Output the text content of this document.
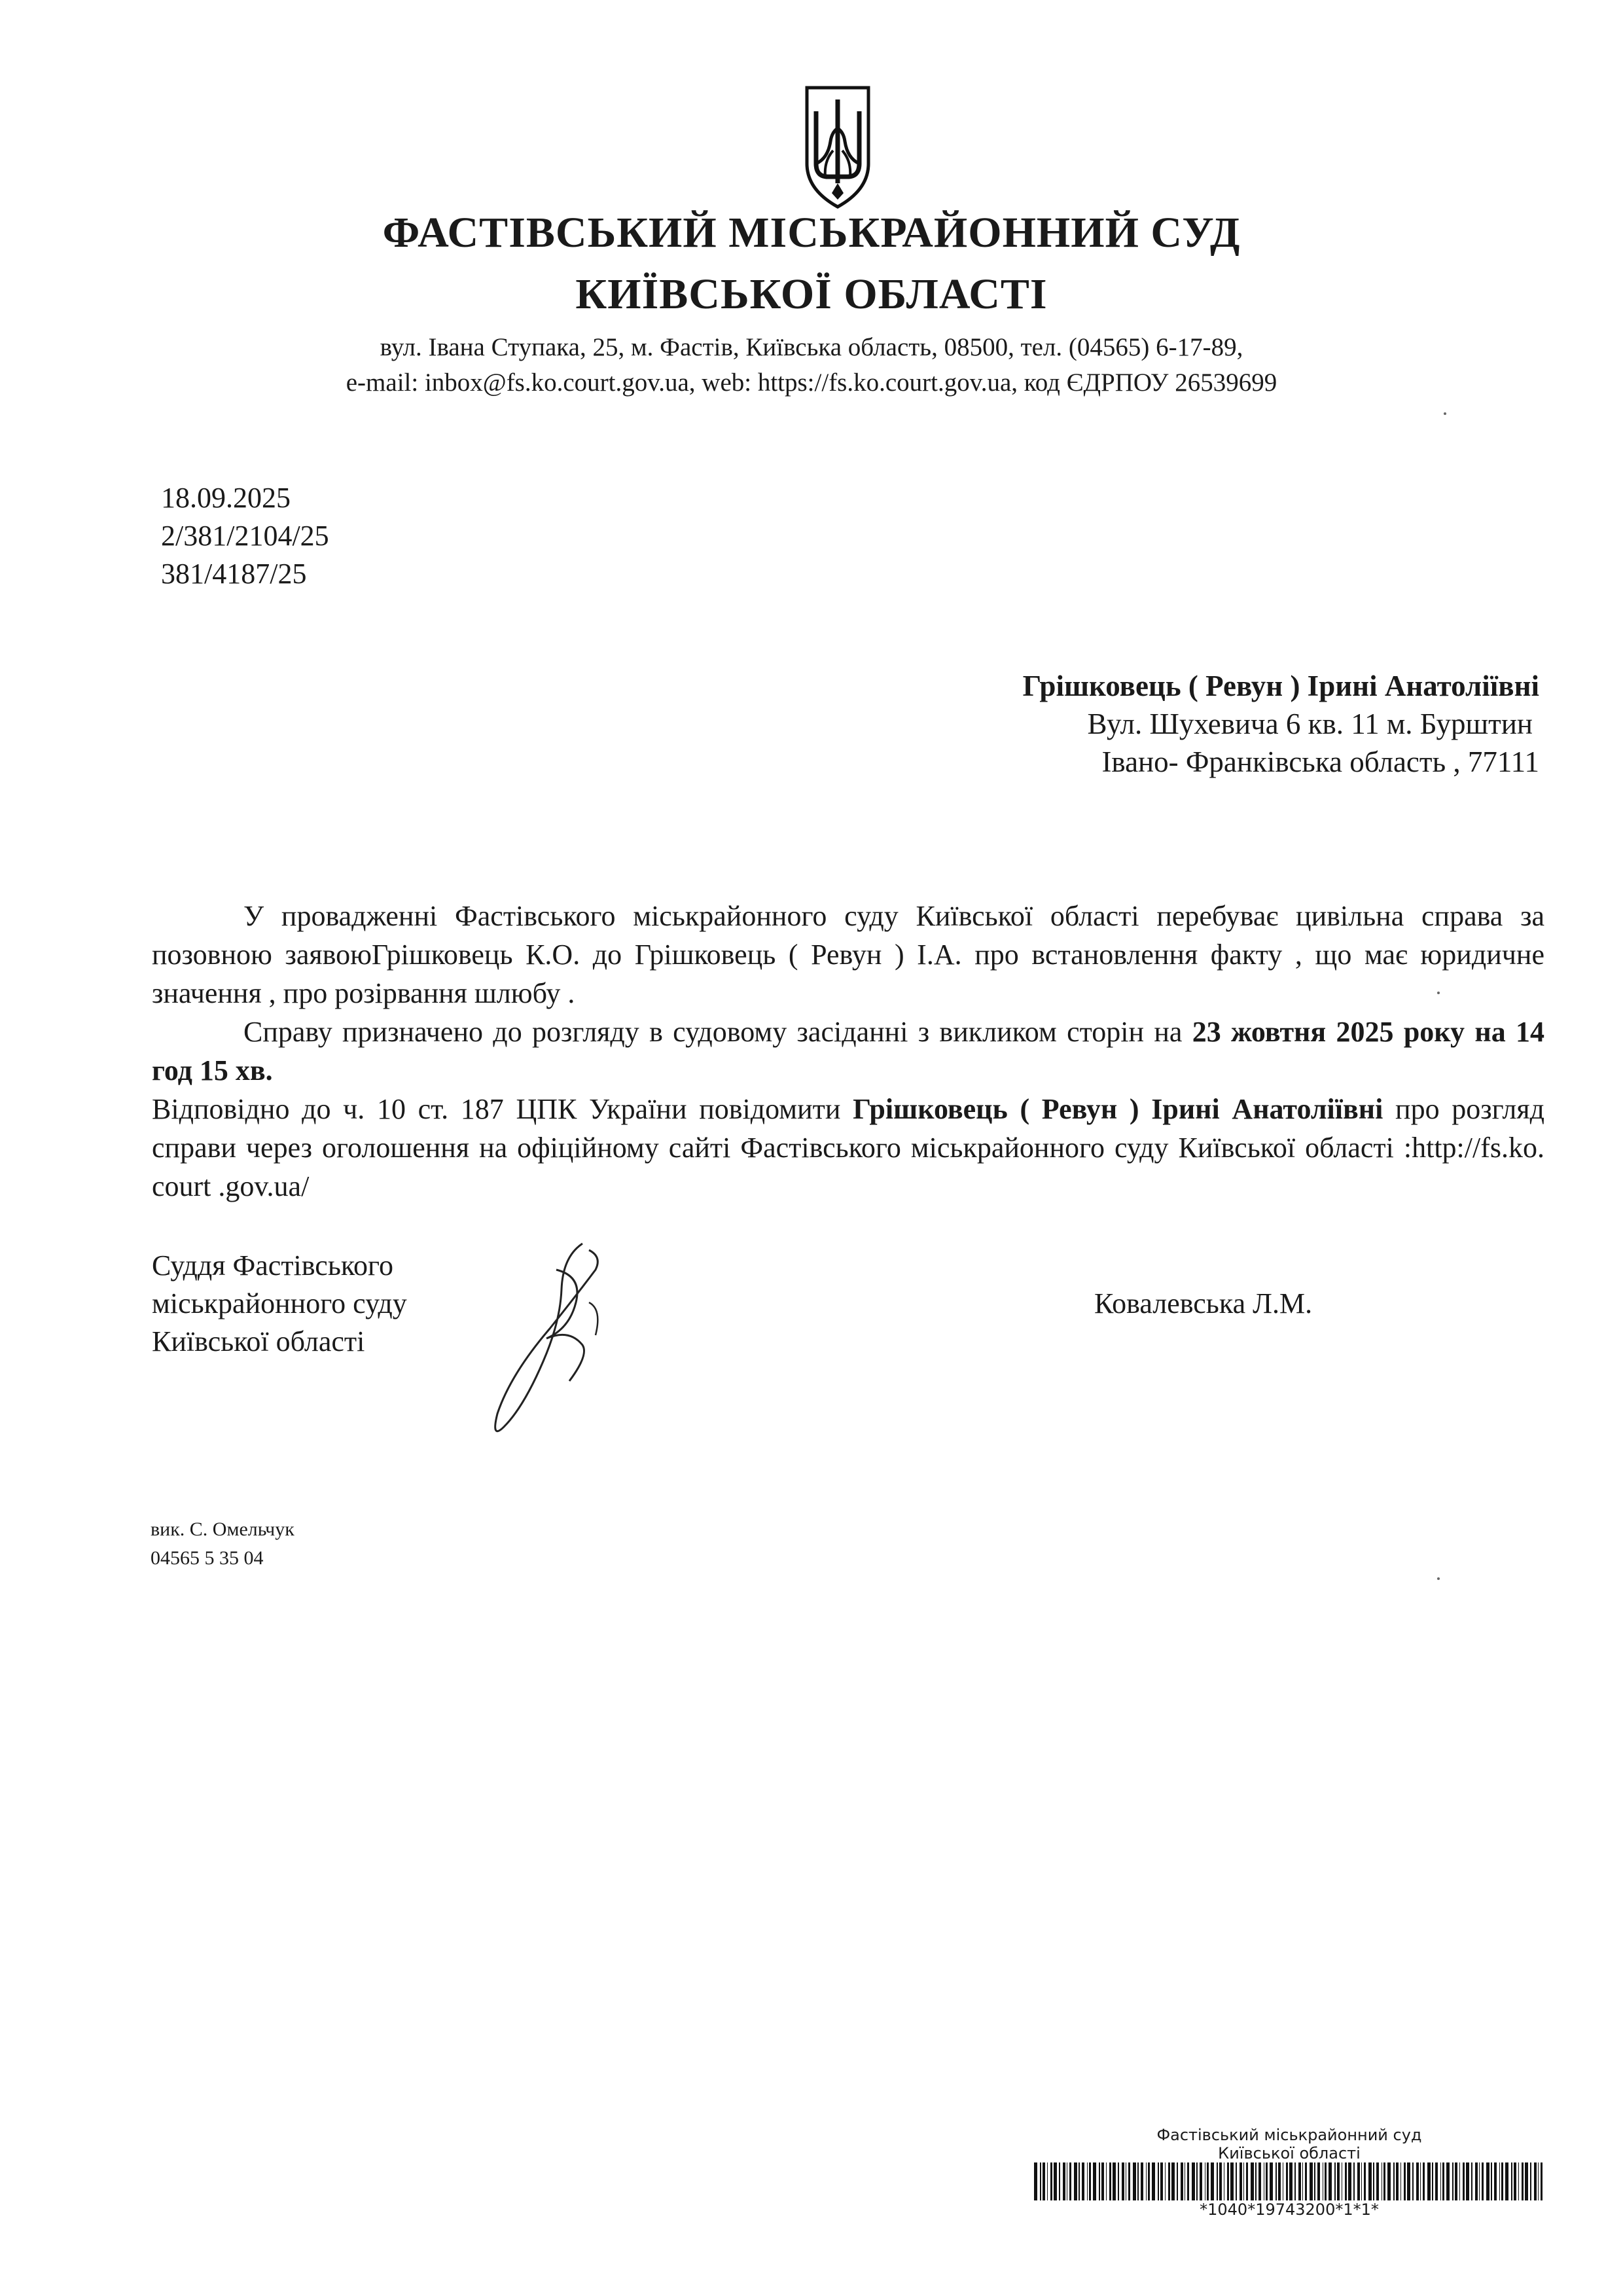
ФАСТІВСЬКИЙ МІСЬКРАЙОННИЙ СУД
КИЇВСЬКОЇ ОБЛАСТІ
вул. Івана Ступака, 25, м. Фастів, Київська область, 08500, тел. (04565) 6-17-89,
e-mail: inbox@fs.ko.court.gov.ua, web: https://fs.ko.court.gov.ua, код ЄДРПОУ 26539699
18.09.2025
2/381/2104/25
381/4187/25
Грішковець ( Ревун ) Ірині Анатоліївні
Вул. Шухевича 6 кв. 11 м. Бурштин
Івано- Франківська область , 77111

У провадженні Фастівського міськрайонного суду Київської області перебуває цивільна справа за позовною заявоюГрішковець К.О. до Грішковець ( Ревун ) І.А. про встановлення факту , що має юридичне значення , про розірвання шлюбу .

Справу призначено до розгляду в судовому засіданні з викликом сторін на 23 жовтня 2025 року на 14 год 15 хв.

Відповідно до ч. 10 ст. 187 ЦПК України повідомити Грішковець ( Ревун ) Ірині Анатоліївні про розгляд справи через оголошення на офіційному сайті Фастівського міськрайонного суду Київської області :http://fs.ko. court .gov.ua/

Суддя Фастівського
міськрайонного суду
Київської області
Ковалевська Л.М.
вик. С. Омельчук
04565 5 35 04
Фастівський міськрайонний суд
Київської області
*1040*19743200*1*1*
